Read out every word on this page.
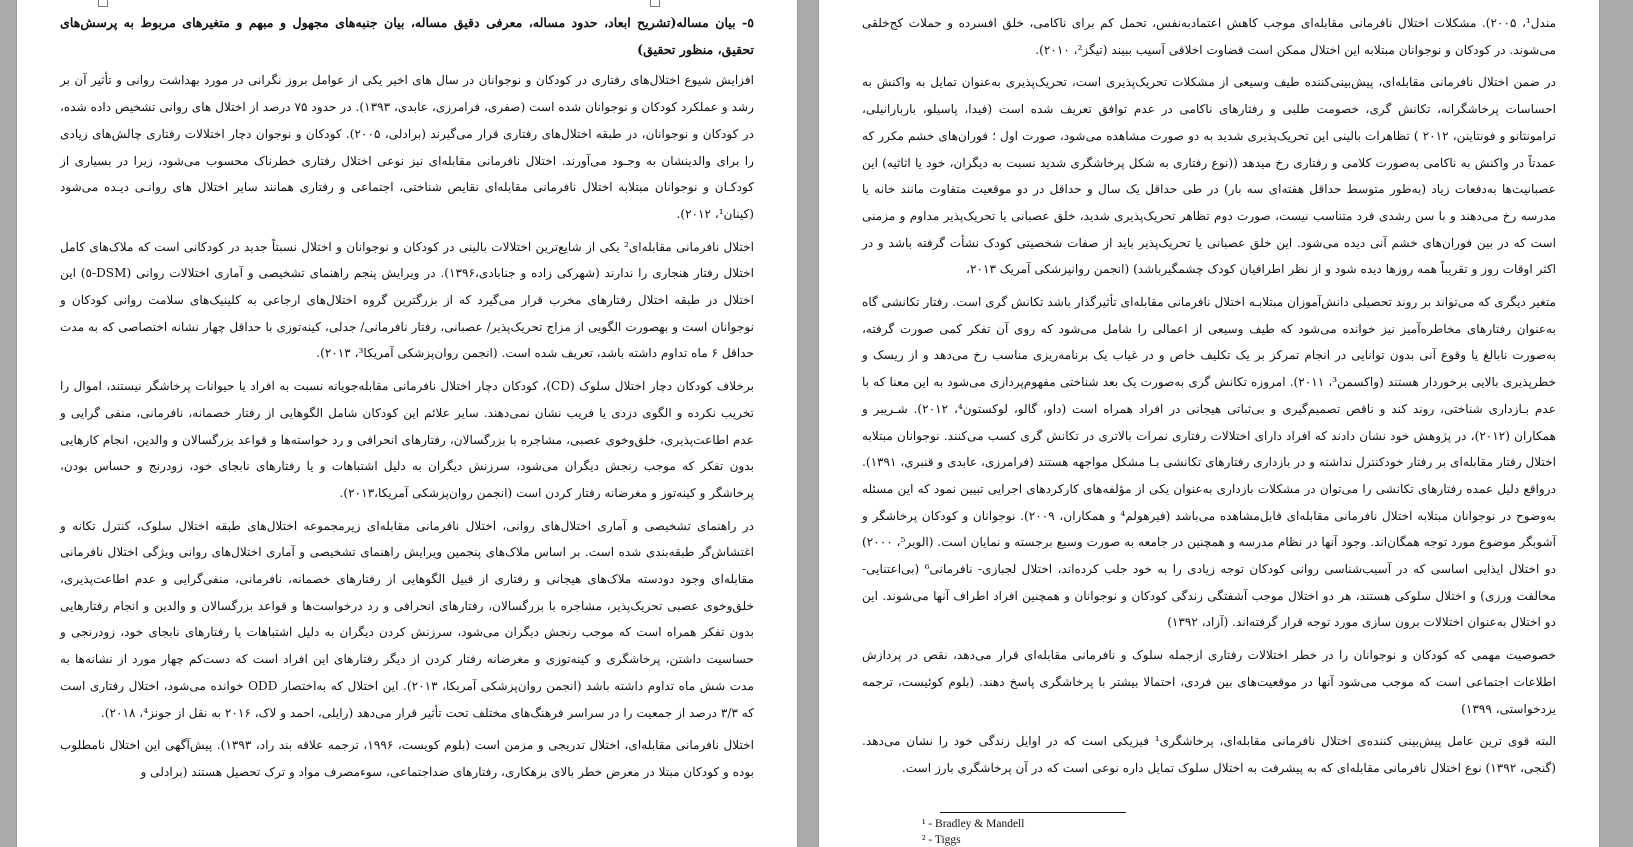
٥- بیان مساله(تشریح ابعاد، حدود مساله، معرفی دقیق مساله، بیان جنبه‌های مجهول و مبهم و متغیرهای مربوط به پرسش‌های تحقیق، منظور تحقیق)

افزایش شیوع اختلال‌های رفتاری در کودکان و نوجوانان در سال های اخیر یکی از عوامل بروز نگرانی در مورد بهداشت روانی و تأثیر آن بر رشد و عملکرد کودکان و نوجوانان شده است (صفری، فرامرزی، عابدی، ۱۳۹۳). در حدود ۷۵ درصد از اختلال های روانی تشخیص داده شده، در کودکان و نوجوانان، در طبقه اختلال‌های رفتاری قرار می‌گیرند (برادلی، ۲۰۰۵). کودکان و نوجوان دچار اختلالات رفتاری چالش‌های زیادی را برای والدینشان به وجـود می‌آورند. اختلال نافرمانی مقابله‌ای نیز نوعی اختلال رفتاری خطرناک محسوب می‌شود، زیرا در بسیاری از کودکـان و نوجوانان مبتلابه اختلال نافرمانی مقابله‌ای نقایص شناختی، اجتماعی و رفتاری همانند سایر اختلال های روانـی دیـده می‌شود (کینان¹، ۲۰۱۲).

اختلال نافرمانی مقابله‌ای² یکی از شایع‌ترین اختلالات بالینی در کودکان و نوجوانان و اختلال نسبتاً جدید در کودکانی است که ملاک‌های کامل اختلال رفتار هنجاری را ندارند (شهرکی زاده و جنابادی،۱۳۹۶). در ویرایش پنجم راهنمای تشخیصی و آماری اختلالات روانی (DSM-٥) این اختلال در طبقه اختلال رفتارهای مخرب قرار می‌گیرد که از بزرگترین گروه اختلال‌های ارجاعی به کلینیک‌های سلامت روانی کودکان و نوجوانان است و بهصورت الگویی از مزاج تحریک‌پذیر/ عصبانی، رفتار نافرمانی/ جدلی، کینه‌توزی با حداقل چهار نشانه اختصاصی که به مدت حداقل ۶ ماه تداوم داشته باشد، تعریف شده است. (انجمن روان‌پزشکی آمریکا³، ۲۰۱۳).

برخلاف کودکان دچار اختلال سلوک (CD)، کودکان دچار اختلال نافرمانی مقابله‌جویانه نسبت به افراد یا حیوانات پرخاشگر نیستند، اموال را تخریب نکرده و الگوی دزدی یا فریب نشان نمی‌دهند. سایر علائم این کودکان شامل الگوهایی از رفتار خصمانه، نافرمانی، منفی گرایی و عدم اطاعت‌پذیری، خلق‌وخوی عصبی، مشاجره با بزرگسالان، رفتارهای انحرافی و رد خواسته‌ها و قواعد بزرگسالان و والدین، انجام کارهایی بدون تفکر که موجب رنجش دیگران می‌شود، سرزنش دیگران به دلیل اشتباهات و یا رفتارهای نابجای خود، زودرنج و حساس بودن، پرخاشگر و کینه‌توز و مغرضانه رفتار کردن است (انجمن روان‌پزشکی آمریکا،۲۰۱۳).

در راهنمای تشخیصی و آماری اختلال‌های روانی، اختلال نافرمانی مقابله‌ای زیرمجموعه اختلال‌های طبقه اختلال سلوک، کنترل تکانه و اغتشاش‌گر طبقه‌بندی شده است. بر اساس ملاک‌های پنجمین ویرایش راهنمای تشخیصی و آماری اختلال‌های روانی ویژگی اختلال نافرمانی مقابله‌ای وجود دودسته ملاک‌های هیجانی و رفتاری از قبیل الگوهایی از رفتارهای خصمانه، نافرمانی، منفی‌گرایی و عدم اطاعت‌پذیری، خلق‌وخوی عصبی تحریک‌پذیر، مشاجره با بزرگسالان، رفتارهای انحرافی و رد درخواست‌ها و قواعد بزرگسالان و والدین و انجام رفتارهایی بدون تفکر همراه است که موجب رنجش دیگران می‌شود، سرزنش کردن دیگران به دلیل اشتباهات یا رفتارهای نابجای خود، زودرنجی و حساسیت داشتن، پرخاشگری و کینه‌توزی و مغرضانه رفتار کردن از دیگر رفتارهای این افراد است که دست‌کم چهار مورد از نشانه‌ها به مدت شش ماه تداوم داشته باشد (انجمن روان‌پزشکی آمریکا، ۲۰۱۳). این اختلال که به‌اختصار ODD خوانده می‌شود، اختلال رفتاری است که ۳/۳ درصد از جمعیت را در سراسر فرهنگ‌های مختلف تحت تأثیر قرار می‌دهد (رایلی، احمد و لاک، ۲۰۱۶ به نقل از جونز⁴، ۲۰۱۸).

اختلال نافرمانی مقابله‌ای، اختلال تدریجی و مزمن است (بلوم کویست، ۱۹۹۶، ترجمه علاقه بند راد، ۱۳۹۳). پیش‌آگهی این اختلال نامطلوب بوده و کودکان مبتلا در معرض خطر بالای بزهکاری، رفتارهای ضداجتماعی، سوءمصرف مواد و ترک تحصیل هستند (برادلی و

مندل¹، ۲۰۰۵). مشکلات اختلال نافرمانی مقابله‌ای موجب کاهش اعتمادبه‌نفس، تحمل کم برای ناکامی، خلق افسرده و حملات کج‌خلقی می‌شوند. در کودکان و نوجوانان مبتلابه این اختلال ممکن است قضاوت اخلاقی آسیب ببیند (تیگز²، ۲۰۱۰).

در ضمن اختلال نافرمانی مقابله‌ای، پیش‌بینی‌کننده طیف وسیعی از مشکلات تحریک‌پذیری است، تحریک‌پذیری به‌عنوان تمایل به واکنش به احساسات پرخاشگرانه، تکانش گری، خصومت طلبی و رفتارهای ناکامی در عدم توافق تعریف شده است (فیدا، پاسیلو، باربارانیلی، ترامونتانو و فونتاینن، ۲۰۱۲ ) تظاهرات بالینی این تحریک‌پذیری شدید به دو صورت مشاهده می‌شود، صورت اول ؛ فوران‌های خشم مکرر که عمدتاً در واکنش به ناکامی به‌صورت کلامی و رفتاری رخ میدهد ((نوع رفتاری به شکل پرخاشگری شدید نسبت به دیگران، خود یا اثاثیه) این عصبانیت‌ها به‌دفعات زیاد (به‌طور متوسط حداقل هفته‌ای سه بار) در طی حداقل یک سال و حداقل در دو موقعیت متفاوت مانند خانه یا مدرسه رخ می‌دهند و با سن رشدی فرد متناسب نیست، صورت دوم تظاهر تحریک‌پذیری شدید، خلق عصبانی یا تحریک‌پذیر مداوم و مزمنی است که در بین فوران‌های خشم آنی دیده می‌شود. این خلق عصبانی یا تحریک‌پذیر باید از صفات شخصیتی کودک نشأت گرفته باشد و در اکثر اوقات روز و تقریباً همه روزها دیده شود و از نظر اطرافیان کودک چشمگیرباشد) (انجمن روانپزشکی آمریک ۲۰۱۳،

متغیر دیگری که می‌تواند بر روند تحصیلی دانش‌آموزان مبتلابـه اختلال نافرمانی مقابله‌ای تأثیرگذار باشد تکانش گری است. رفتار تکانشی گاه به‌عنوان رفتارهای مخاطره‌آمیز نیز خوانده می‌شود که طیف وسیعی از اعمالی را شامل می‌شود که روی آن تفکر کمی صورت گرفته، به‌صورت نابالغ یا وقوع آنی بدون توانایی در انجام تمرکز بر یک تکلیف خاص و در غیاب یک برنامه‌ریزی مناسب رخ می‌دهد و از ریسک و خطرپذیری بالایی برخوردار هستند (واکسمن³، ۲۰۱۱). امروزه تکانش گری به‌صورت یک بعد شناختی مفهوم‌پردازی می‌شود به این معنا که با عدم بـازداری شناختی، روند کند و ناقص تصمیم‌گیری و بی‌ثباتی هیجانی در افراد همراه است (داو، گالو، لوکستون⁴، ۲۰۱۲). شـریبر و همکاران (۲۰۱۲)، در پژوهش خود نشان دادند که افراد دارای اختلالات رفتاری نمرات بالاتری در تکانش گری کسب می‌کنند. نوجوانان مبتلابه اختلال رفتار مقابله‌ای بر رفتار خودکنترل نداشته و در بازداری رفتارهای تکانشی بـا مشکل مواجهه هستند (فرامرزی، عابدی و قنبری، ۱۳۹۱). درواقع دلیل عمده رفتارهای تکانشی را می‌توان در مشکلات بازداری به‌عنوان یکی از مؤلفه‌های کارکردهای اجرایی تبیین نمود که این مسئله به‌وضوح در نوجوانان مبتلابه اختلال نافرمانی مقابله‌ای قابل‌مشاهده می‌باشد (فیرهولم⁴ و همکاران، ۲۰۰۹). نوجوانان و کودکان پرخاشگر و آشوبگر موضوع مورد توجه همگان‌اند. وجود آنها در نظام مدرسه و همچنین در جامعه به صورت وسیع برجسته و نمایان است. (الویر⁵، ۲۰۰۰) دو اختلال ایذایی اساسی که در آسیب‌شناسی روانی کودکان توجه زیادی را به خود جلب کرده‌اند، اختلال لجبازی- نافرمانی⁶ (بی‌اعتنایی- مخالفت ورزی) و اختلال سلوکی هستند، هر دو اختلال موجب آشفتگی زندگی کودکان و نوجوانان و همچنین افراد اطراف آنها می‌شوند. این دو اختلال به‌عنوان اختلالات برون سازی مورد توجه قرار گرفته‌اند. (آزاد، ۱۳۹۲)

خصوصیت مهمی که کودکان و نوجوانان را در خطر اختلالات رفتاری ازجمله سلوک و نافرمانی مقابله‌ای قرار می‌دهد، نقص در پردازش اطلاعات اجتماعی است که موجب می‌شود آنها در موقعیت‌های بین فردی، احتمالا بیشتر با پرخاشگری پاسخ دهند. (بلوم کوئیست، ترجمه یزدخواستی، ۱۳۹۹)

البته قوی ترین عامل پیش‌بینی کننده‌ی اختلال نافرمانی مقابله‌ای، پرخاشگری¹ فیزیکی است که در اوایل زندگی خود را نشان می‌دهد. (گنجی، ۱۳۹۲) نوع اختلال نافرمانی مقابله‌ای که به پیشرفت به اختلال سلوک تمایل داره نوعی است که در آن پرخاشگری بارز است.

¹ - Bradley & Mandell
² - Tiggs
